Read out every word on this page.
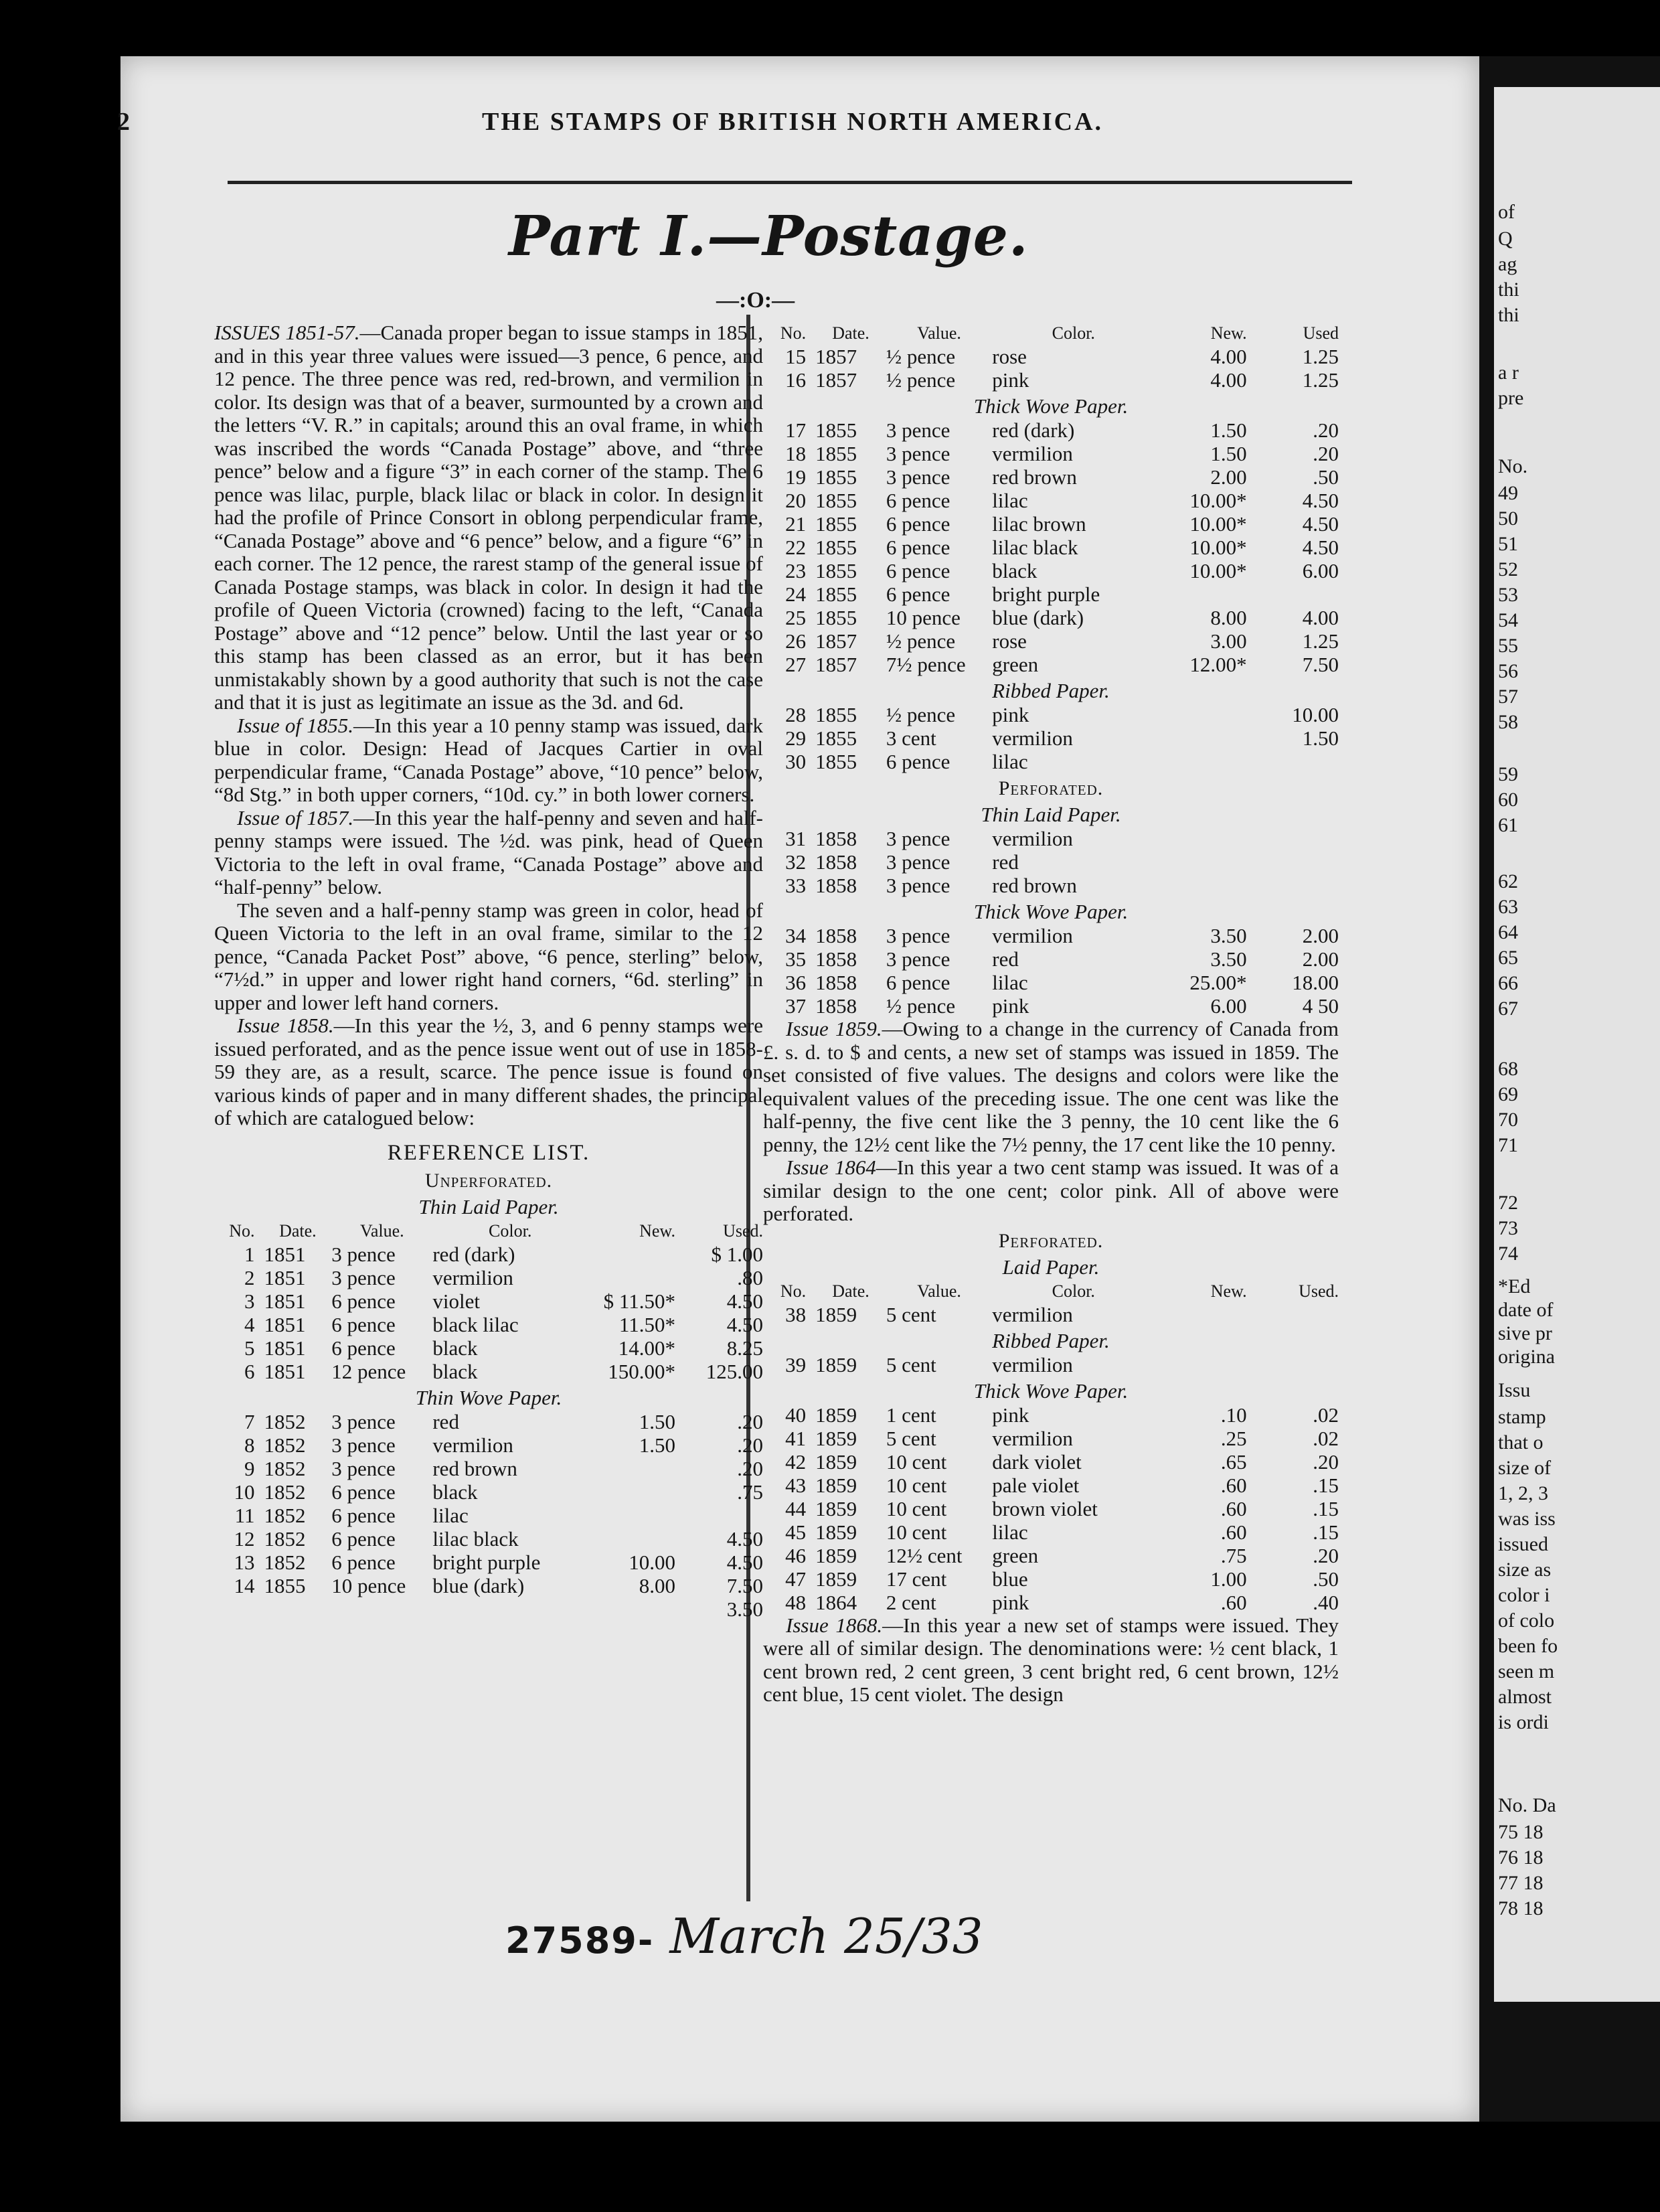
of
Q
ag
thi
thi
a r
pre
No.
49
50
51
52
53
54
55
56
57
58
59
60
61
62
63
64
65
66
67
68
69
70
71
72
73
74
*Ed
date of
sive pr
origina
Issu
stamp
that o
size of
1, 2, 3
was iss
issued
size as
color i
of colo
been fo
seen m
almost
is ordi
No. Da
75 18
76 18
77 18
78 18
2	THE STAMPS OF BRITISH NORTH AMERICA.
Part I.—Postage.
—:O:—

ISSUES 1851-57.—Canada proper began to issue stamps in 1851, and in this year three values were issued—3 pence, 6 pence, and 12 pence. The three pence was red, red-brown, and vermilion in color. Its design was that of a beaver, surmounted by a crown and the letters “V. R.” in capitals; around this an oval frame, in which was inscribed the words “Canada Postage” above, and “three pence” below and a figure “3” in each corner of the stamp. The 6 pence was lilac, purple, black lilac or black in color. In design it had the profile of Prince Consort in oblong perpendicular frame, “Canada Postage” above and “6 pence” below, and a figure “6” in each corner. The 12 pence, the rarest stamp of the general issue of Canada Postage stamps, was black in color. In design it had the profile of Queen Victoria (crowned) facing to the left, “Canada Postage” above and “12 pence” below. Until the last year or so this stamp has been classed as an error, but it has been unmistakably shown by a good authority that such is not the case and that it is just as legitimate an issue as the 3d. and 6d.

Issue of 1855.—In this year a 10 penny stamp was issued, dark blue in color. Design: Head of Jacques Cartier in oval perpendicular frame, “Canada Postage” above, “10 pence” below, “8d Stg.” in both upper corners, “10d. cy.” in both lower corners.

Issue of 1857.—In this year the half-penny and seven and half-penny stamps were issued. The ½d. was pink, head of Queen Victoria to the left in oval frame, “Canada Postage” above and “half-penny” below.

The seven and a half-penny stamp was green in color, head of Queen Victoria to the left in an oval frame, similar to the 12 pence, “Canada Packet Post” above, “6 pence, sterling” below, “7½d.” in upper and lower right hand corners, “6d. sterling” in upper and lower left hand corners.

Issue 1858.—In this year the ½, 3, and 6 penny stamps were issued perforated, and as the pence issue went out of use in 1858-59 they are, as a result, scarce. The pence issue is found on various kinds of paper and in many different shades, the principal of which are catalogued below:

REFERENCE LIST.
Unperforated.
Thin Laid Paper.
No.	Date.	Value.	Color.	New.	Used.
1	1851	3 pence	red (dark)		$ 1.00
2	1851	3 pence	vermilion		.80
3	1851	6 pence	violet	$ 11.50*	4.50
4	1851	6 pence	black lilac	11.50*	4.50
5	1851	6 pence	black	14.00*	8.25
6	1851	12 pence	black	150.00*	125.00
Thin Wove Paper.
7	1852	3 pence	red	1.50	.20
8	1852	3 pence	vermilion	1.50	.20
9	1852	3 pence	red brown		.20
10	1852	6 pence	black		.75
11	1852	6 pence	lilac		
12	1852	6 pence	lilac black		4.50
13	1852	6 pence	bright purple	10.00	4.50
14	1855	10 pence	blue (dark)	8.00	7.50
					3.50
No.	Date.	Value.	Color.	New.	Used
15	1857	½ pence	rose	4.00	1.25
16	1857	½ pence	pink	4.00	1.25
Thick Wove Paper.
17	1855	3 pence	red (dark)	1.50	.20
18	1855	3 pence	vermilion	1.50	.20
19	1855	3 pence	red brown	2.00	.50
20	1855	6 pence	lilac	10.00*	4.50
21	1855	6 pence	lilac brown	10.00*	4.50
22	1855	6 pence	lilac black	10.00*	4.50
23	1855	6 pence	black	10.00*	6.00
24	1855	6 pence	bright purple		
25	1855	10 pence	blue (dark)	8.00	4.00
26	1857	½ pence	rose	3.00	1.25
27	1857	7½ pence	green	12.00*	7.50
Ribbed Paper.
28	1855	½ pence	pink		10.00
29	1855	3 cent	vermilion		1.50
30	1855	6 pence	lilac		
Perforated.
Thin Laid Paper.
31	1858	3 pence	vermilion		
32	1858	3 pence	red		
33	1858	3 pence	red brown		
Thick Wove Paper.
34	1858	3 pence	vermilion	3.50	2.00
35	1858	3 pence	red	3.50	2.00
36	1858	6 pence	lilac	25.00*	18.00
37	1858	½ pence	pink	6.00	4 50

Issue 1859.—Owing to a change in the currency of Canada from £. s. d. to $ and cents, a new set of stamps was issued in 1859. The set consisted of five values. The designs and colors were like the equivalent values of the preceding issue. The one cent was like the half-penny, the five cent like the 3 penny, the 10 cent like the 6 penny, the 12½ cent like the 7½ penny, the 17 cent like the 10 penny.

Issue 1864—In this year a two cent stamp was issued. It was of a similar design to the one cent; color pink. All of above were perforated.

Perforated.
Laid Paper.
No.	Date.	Value.	Color.	New.	Used.
38	1859	5 cent	vermilion		
Ribbed Paper.
39	1859	5 cent	vermilion		
Thick Wove Paper.
40	1859	1 cent	pink	.10	.02
41	1859	5 cent	vermilion	.25	.02
42	1859	10 cent	dark violet	.65	.20
43	1859	10 cent	pale violet	.60	.15
44	1859	10 cent	brown violet	.60	.15
45	1859	10 cent	lilac	.60	.15
46	1859	12½ cent	green	.75	.20
47	1859	17 cent	blue	1.00	.50
48	1864	2 cent	pink	.60	.40

Issue 1868.—In this year a new set of stamps were issued. They were all of similar design. The denominations were: ½ cent black, 1 cent brown red, 2 cent green, 3 cent bright red, 6 cent brown, 12½ cent blue, 15 cent violet. The design

27589- March 25/33
